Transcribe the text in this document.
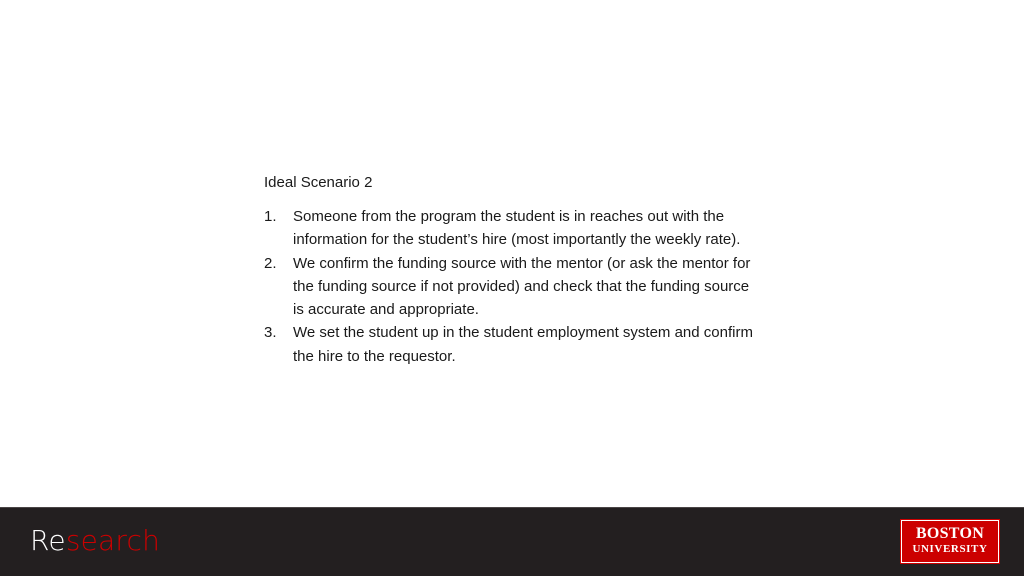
Ideal Scenario 2
1.	Someone from the program the student is in reaches out with the information for the student’s hire (most importantly the weekly rate).
2.	We confirm the funding source with the mentor (or ask the mentor for the funding source if not provided) and check that the funding source is accurate and appropriate.
3.	We set the student up in the student employment system and confirm the hire to the requestor.
Research	BOSTON
UNIVERSITY
